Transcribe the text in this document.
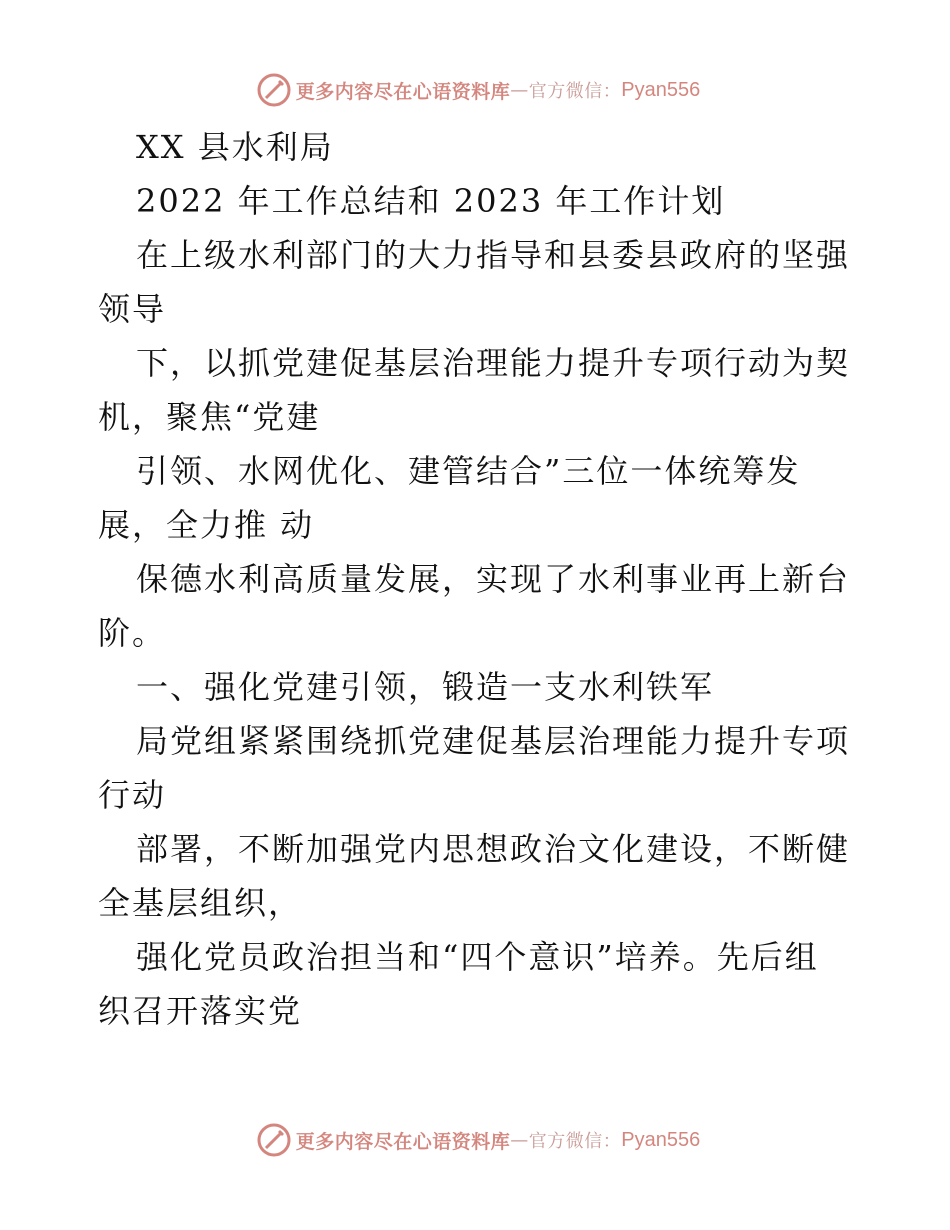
更多内容尽在心语资料库 — 官方微信： Pyan556
XX 县水利局
2022 年工作总结和 2023 年工作计划
在上级水利部门的大力指导和县委县政府的坚强
领导
下，以抓党建促基层治理能力提升专项行动为契
机，聚焦“党建
引领、水网优化、建管结合”三位一体统筹发
展，全力推 动
保德水利高质量发展，实现了水利事业再上新台
阶。
一、强化党建引领，锻造一支水利铁军
局党组紧紧围绕抓党建促基层治理能力提升专项
行动
部署，不断加强党内思想政治文化建设，不断健
全基层组织，
强化党员政治担当和“四个意识”培养。先后组
织召开落实党
更多内容尽在心语资料库 — 官方微信： Pyan556
